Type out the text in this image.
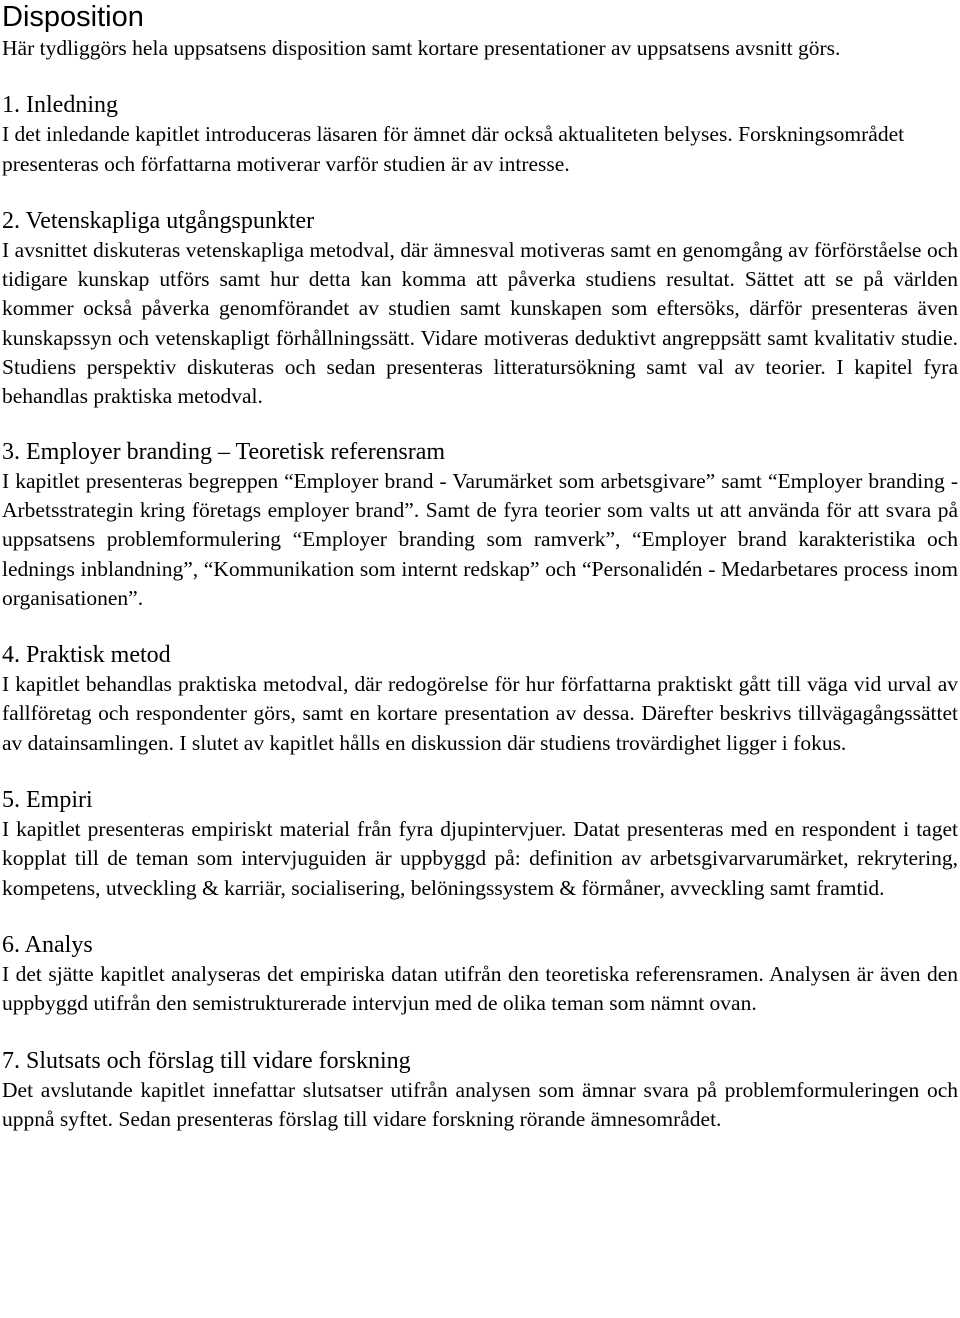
Disposition

Här tydliggörs hela uppsatsens disposition samt kortare presentationer av uppsatsens avsnitt görs.

1. Inledning

I det inledande kapitlet introduceras läsaren för ämnet där också aktualiteten belyses. Forskningsområdet presenteras och författarna motiverar varför studien är av intresse.

2. Vetenskapliga utgångspunkter

I avsnittet diskuteras vetenskapliga metodval, där ämnesval motiveras samt en genomgång av förförståelse och tidigare kunskap utförs samt hur detta kan komma att påverka studiens resultat. Sättet att se på världen kommer också påverka genomförandet av studien samt kunskapen som eftersöks, därför presenteras även kunskapssyn och vetenskapligt förhållningssätt. Vidare motiveras deduktivt angreppsätt samt kvalitativ studie. Studiens perspektiv diskuteras och sedan presenteras litteratursökning samt val av teorier. I kapitel fyra behandlas praktiska metodval.

3. Employer branding – Teoretisk referensram

I kapitlet presenteras begreppen “Employer brand - Varumärket som arbetsgivare” samt “Employer branding - Arbetsstrategin kring företags employer brand”. Samt de fyra teorier som valts ut att använda för att svara på uppsatsens problemformulering “Employer branding som ramverk”, “Employer brand karakteristika och lednings inblandning”, “Kommunikation som internt redskap” och “Personalidén - Medarbetares process inom organisationen”.

4. Praktisk metod

I kapitlet behandlas praktiska metodval, där redogörelse för hur författarna praktiskt gått till väga vid urval av fallföretag och respondenter görs, samt en kortare presentation av dessa. Därefter beskrivs tillvägagångssättet av datainsamlingen. I slutet av kapitlet hålls en diskussion där studiens trovärdighet ligger i fokus.

5. Empiri

I kapitlet presenteras empiriskt material från fyra djupintervjuer. Datat presenteras med en respondent i taget kopplat till de teman som intervjuguiden är uppbyggd på: definition av arbetsgivarvarumärket, rekrytering, kompetens, utveckling & karriär, socialisering, belöningssystem & förmåner, avveckling samt framtid.

6. Analys

I det sjätte kapitlet analyseras det empiriska datan utifrån den teoretiska referensramen. Analysen är även den uppbyggd utifrån den semistrukturerade intervjun med de olika teman som nämnt ovan.

7. Slutsats och förslag till vidare forskning

Det avslutande kapitlet innefattar slutsatser utifrån analysen som ämnar svara på problemformuleringen och uppnå syftet. Sedan presenteras förslag till vidare forskning rörande ämnesområdet.
